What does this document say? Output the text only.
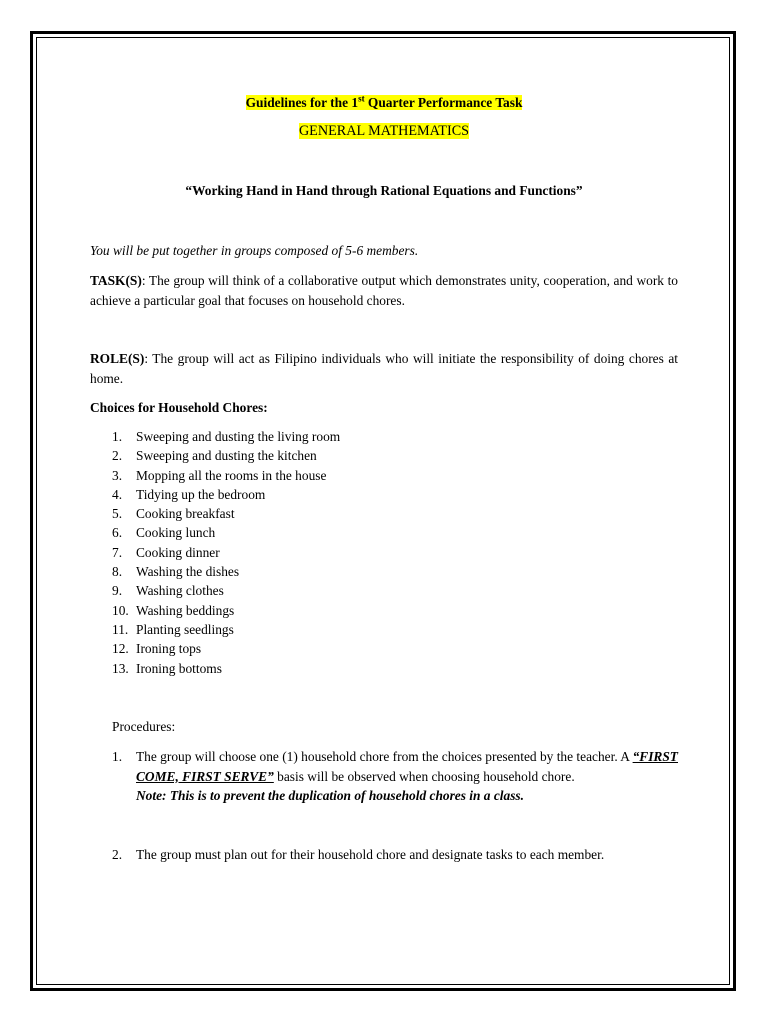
Guidelines for the 1st Quarter Performance Task
GENERAL MATHEMATICS
“Working Hand in Hand through Rational Equations and Functions”
You will be put together in groups composed of 5-6 members.
TASK(S): The group will think of a collaborative output which demonstrates unity, cooperation, and work to achieve a particular goal that focuses on household chores.
ROLE(S): The group will act as Filipino individuals who will initiate the responsibility of doing chores at home.
Choices for Household Chores:
1.	Sweeping and dusting the living room
2.	Sweeping and dusting the kitchen
3.	Mopping all the rooms in the house
4.	Tidying up the bedroom
5.	Cooking breakfast
6.	Cooking lunch
7.	Cooking dinner
8.	Washing the dishes
9.	Washing clothes
10. Washing beddings
11. Planting seedlings
12. Ironing tops
13. Ironing bottoms
Procedures:
1. The group will choose one (1) household chore from the choices presented by the teacher. A “FIRST COME, FIRST SERVE” basis will be observed when choosing household chore.
Note: This is to prevent the duplication of household chores in a class.
2. The group must plan out for their household chore and designate tasks to each member.
